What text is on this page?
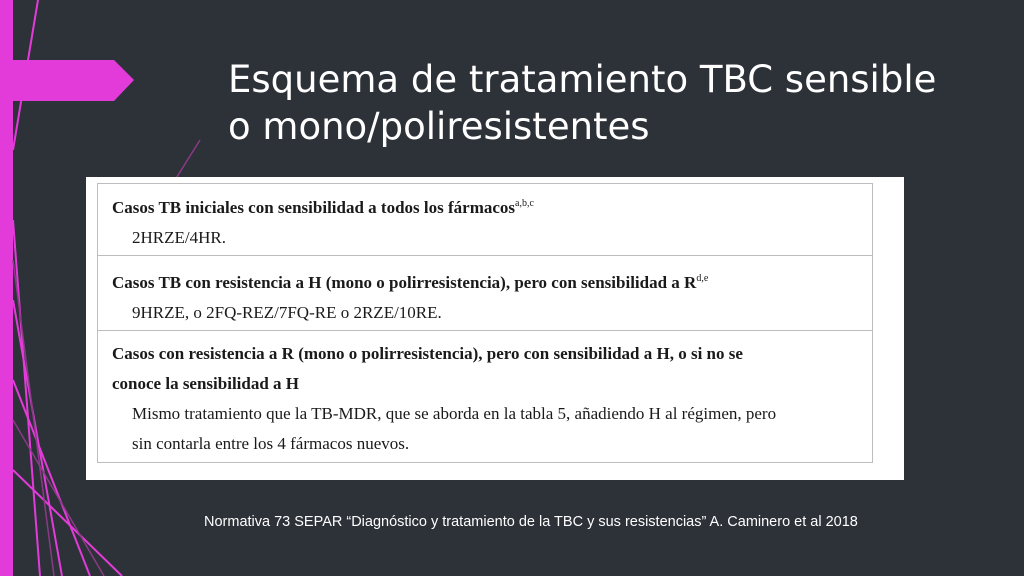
Esquema de tratamiento TBC sensible
o mono/poliresistentes
Casos TB iniciales con sensibilidad a todos los fármacos$^{a,b,c}$
2HRZE/4HR.
Casos TB con resistencia a H (mono o polirresistencia), pero con sensibilidad a R$^{d,e}$
9HRZE, o 2FQ-REZ/7FQ-RE o 2RZE/10RE.
Casos con resistencia a R (mono o polirresistencia), pero con sensibilidad a H, o si no se
conoce la sensibilidad a H
Mismo tratamiento que la TB-MDR, que se aborda en la tabla 5, añadiendo H al régimen, pero
sin contarla entre los 4 fármacos nuevos.
Normativa 73 SEPAR “Diagnóstico y tratamiento de la TBC y sus resistencias” A. Caminero et al 2018
